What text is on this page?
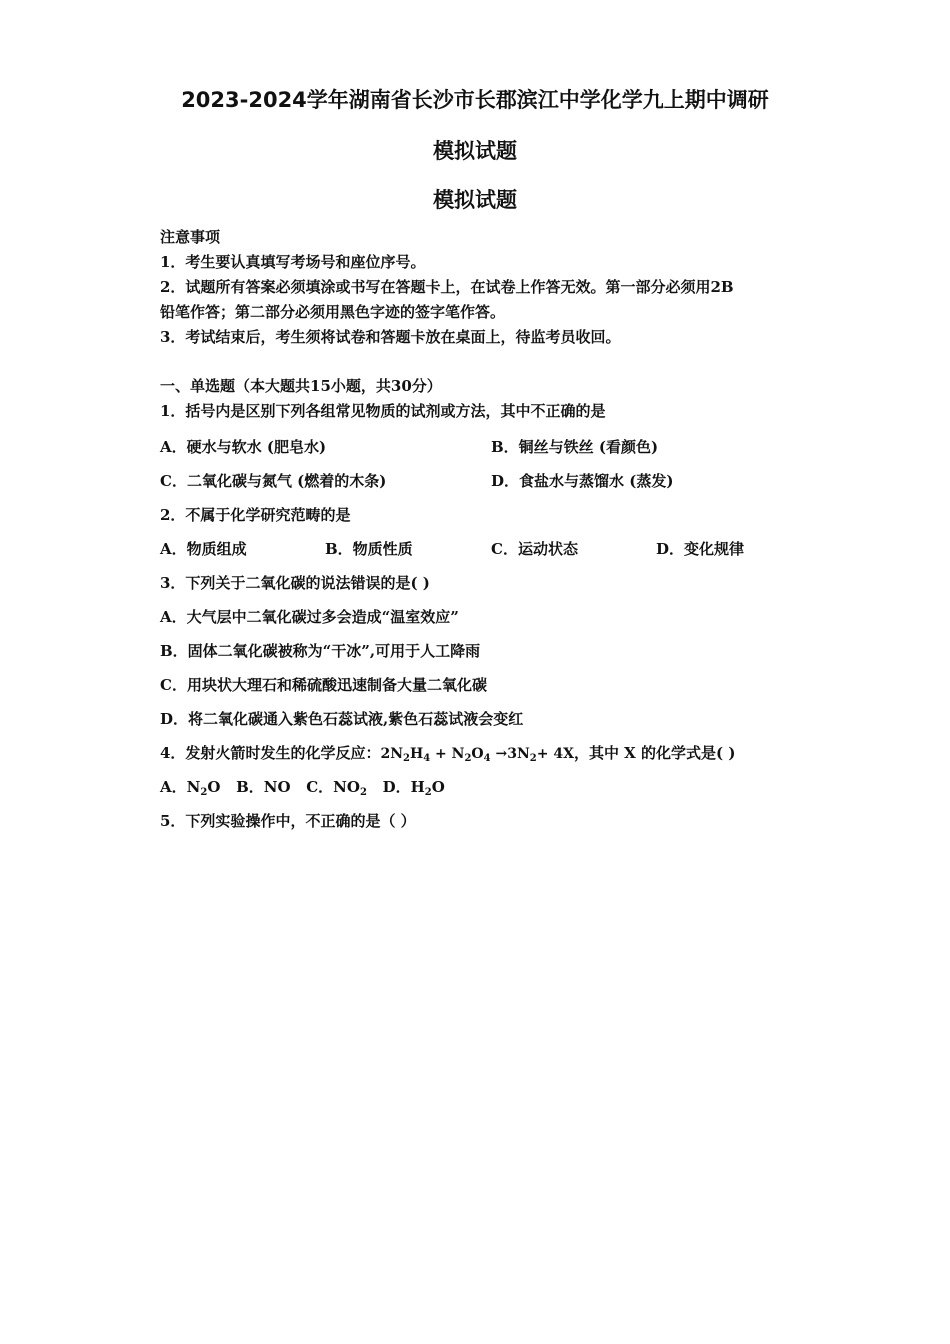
2023-2024学年湖南省长沙市长郡滨江中学化学九上期中调研
模拟试题
模拟试题
注意事项
1．考生要认真填写考场号和座位序号。
2．试题所有答案必须填涂或书写在答题卡上，在试卷上作答无效。第一部分必须用2B
铅笔作答；第二部分必须用黑色字迹的签字笔作答。
3．考试结束后，考生须将试卷和答题卡放在桌面上，待监考员收回。
一、单选题（本大题共15小题，共30分）
1．括号内是区别下列各组常见物质的试剂或方法，其中不正确的是
A．硬水与软水 (肥皂水)	B．铜丝与铁丝 (看颜色)
C．二氧化碳与氮气 (燃着的木条)	D．食盐水与蒸馏水 (蒸发)
2．不属于化学研究范畴的是
A．物质组成	B．物质性质	C．运动状态	D．变化规律
3．下列关于二氧化碳的说法错误的是( )
A．大气层中二氧化碳过多会造成“温室效应”
B．固体二氧化碳被称为“干冰”,可用于人工降雨
C．用块状大理石和稀硫酸迅速制备大量二氧化碳
D．将二氧化碳通入紫色石蕊试液,紫色石蕊试液会变红
4．发射火箭时发生的化学反应：$2N_2H_4 + N_2O_4 \to 3N_2+ 4X$，其中 X 的化学式是( )
A．$N_2O$ B．NO C．$NO_2$ D．$H_2O$
5．下列实验操作中，不正确的是（ ）
